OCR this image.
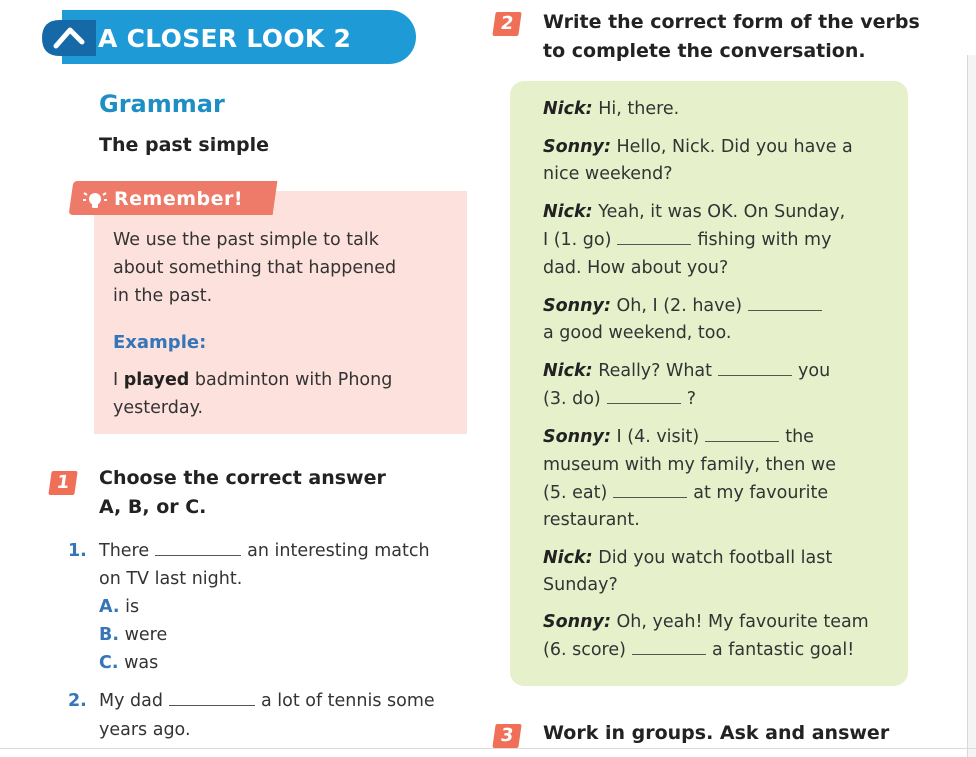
A CLOSER LOOK 2
Grammar
The past simple
Remember!
We use the past simple to talk
about something that happened
in the past.
Example:
I played badminton with Phong
yesterday.
1	Choose the correct answer
A, B, or C.
1. There	an interesting match
on TV last night.
A. is
B. were
C. was
2. My dad	a lot of tennis some
years ago.
2	Write the correct form of the verbs
to complete the conversation.
Nick: Hi, there.
Sonny: Hello, Nick. Did you have a
nice weekend?
Nick: Yeah, it was OK. On Sunday,
I (1. go)	fishing with my
dad. How about you?
Sonny: Oh, I (2. have)
a good weekend, too.
Nick: Really? What	you
(3. do)	?
Sonny: I (4. visit)	the
museum with my family, then we
(5. eat)	at my favourite
restaurant.
Nick: Did you watch football last
Sunday?
Sonny: Oh, yeah! My favourite team
(6. score)	a fantastic goal!
3	Work in groups. Ask and answer
